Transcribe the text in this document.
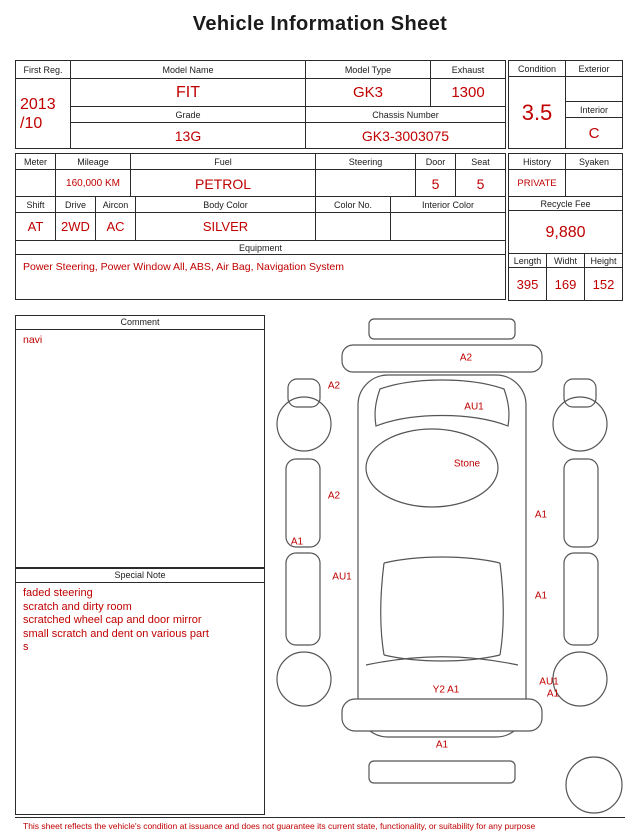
Vehicle Information Sheet
First Reg.	Model Name	Model Type	Exhaust

2013
/10	FIT	GK3	1300
	Grade	Chassis Number	
	13G	GK3-3003075	
Condition	Exterior
3.5	
	Interior
	C
Meter	Mileage	Fuel	Steering	Door	Seat
	160,000 KM	PETROL		5	5
Shift	Drive	Aircon	Body Color	Color No.	Interior Color
AT	2WD	AC	SILVER		
Equipment					
Power Steering, Power Window All, ABS, Air Bag, Navigation System					
History	Syaken
PRIVATE	
Recycle Fee
9,880
Length	Widht	Height
395	169	152
Comment
navi
Special Note
faded steering
scratch and dirty room
scratched wheel cap and door mirror
small scratch and dent on various part
s
A2
A2
AU1
Stone
A2
A1
A1
AU1
A1
Y2 A1
AU1
A1
A1
This sheet reflects the vehicle's condition at issuance and does not guarantee its current state, functionality, or suitability for any purpose
